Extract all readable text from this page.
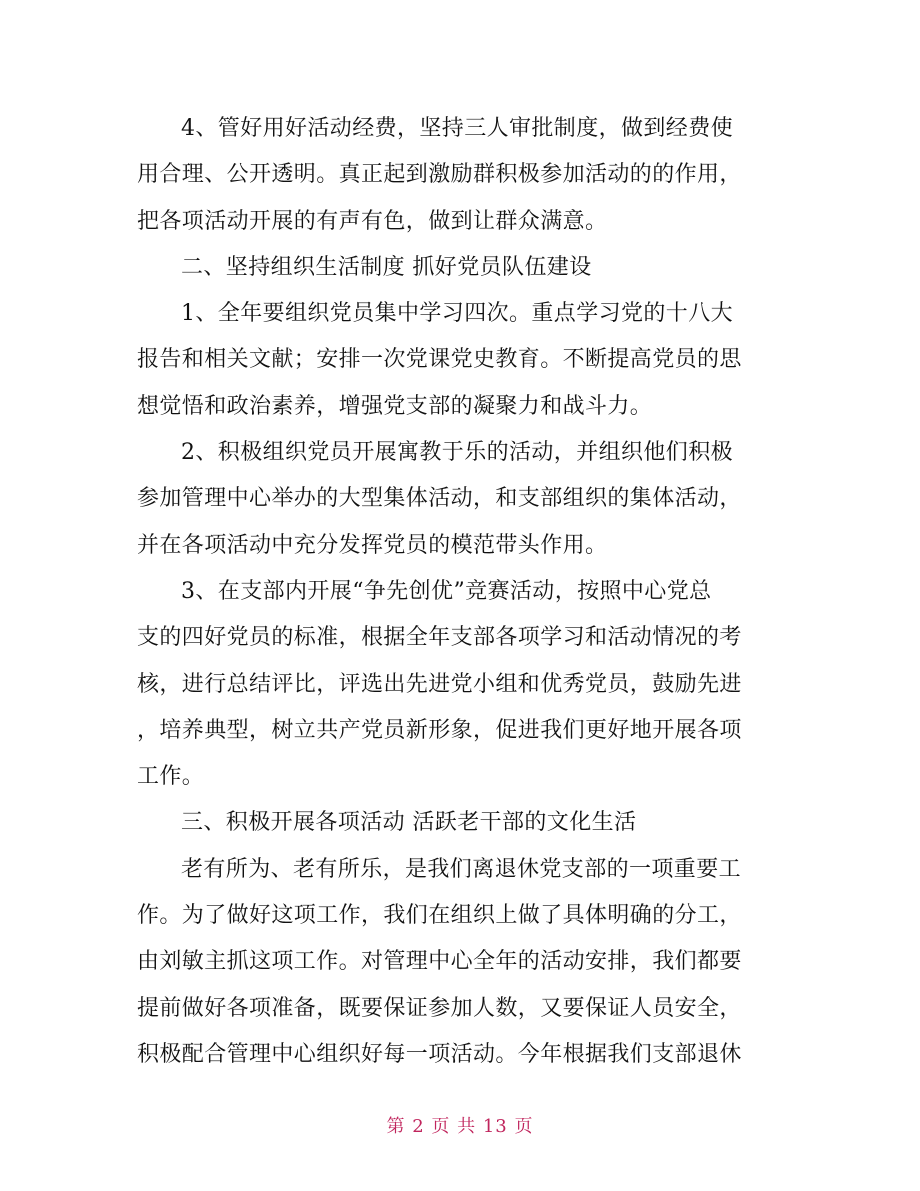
4、管好用好活动经费，坚持三人审批制度，做到经费使
用合理、公开透明。真正起到激励群积极参加活动的的作用，
把各项活动开展的有声有色，做到让群众满意。
二、坚持组织生活制度 抓好党员队伍建设
1、全年要组织党员集中学习四次。重点学习党的十八大
报告和相关文献；安排一次党课党史教育。不断提高党员的思
想觉悟和政治素养，增强党支部的凝聚力和战斗力。
2、积极组织党员开展寓教于乐的活动，并组织他们积极
参加管理中心举办的大型集体活动，和支部组织的集体活动，
并在各项活动中充分发挥党员的模范带头作用。
3、在支部内开展“争先创优”竞赛活动，按照中心党总
支的四好党员的标准，根据全年支部各项学习和活动情况的考
核，进行总结评比，评选出先进党小组和优秀党员，鼓励先进
，培养典型，树立共产党员新形象，促进我们更好地开展各项
工作。
三、积极开展各项活动 活跃老干部的文化生活
老有所为、老有所乐，是我们离退休党支部的一项重要工
作。为了做好这项工作，我们在组织上做了具体明确的分工，
由刘敏主抓这项工作。对管理中心全年的活动安排，我们都要
提前做好各项准备，既要保证参加人数，又要保证人员安全，
积极配合管理中心组织好每一项活动。今年根据我们支部退休
第 2 页 共 13 页
